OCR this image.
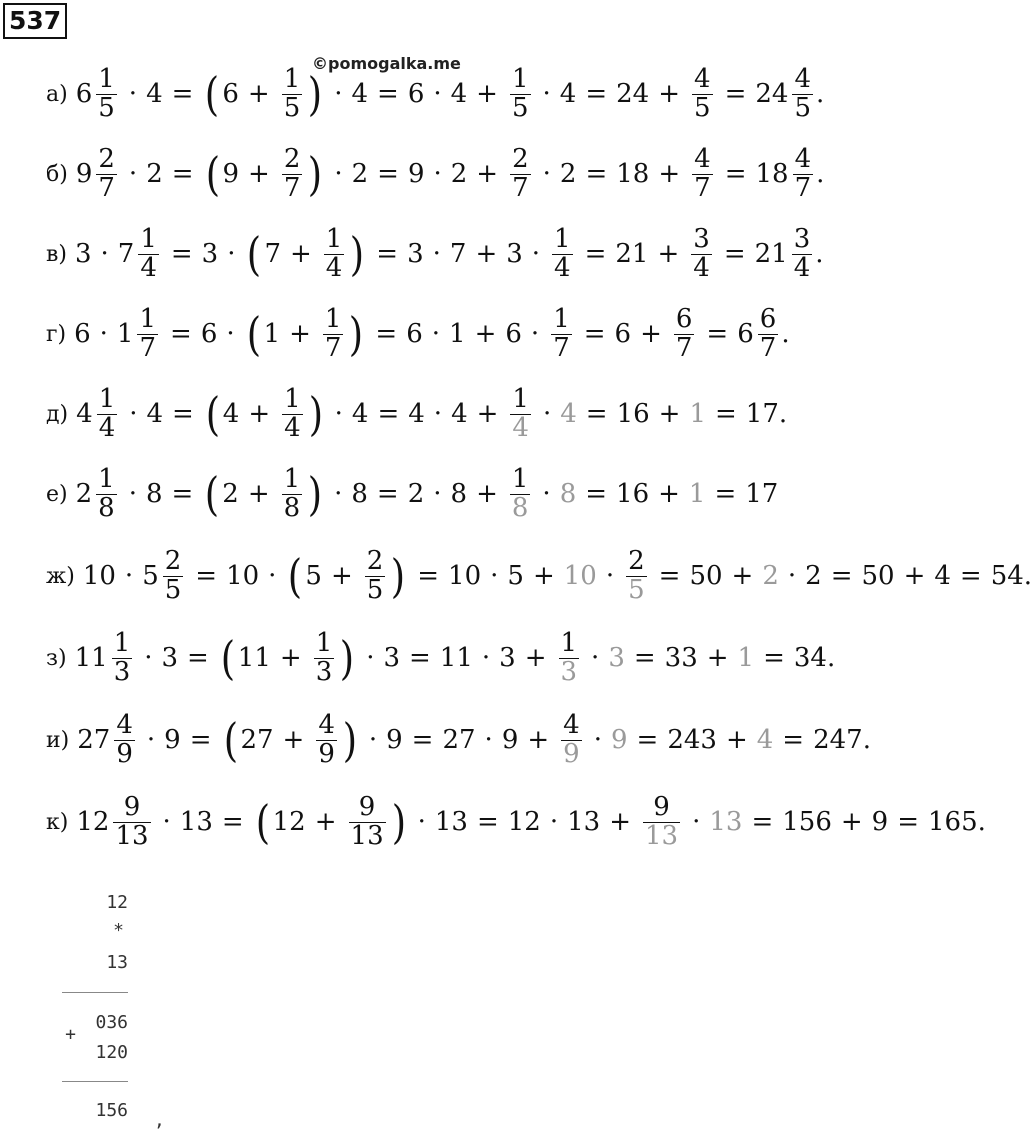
537
©pomogalka.me
а) $6 \frac{1}{5} \cdot 4$ = ( $6 + \frac{1}{5}$ ) · $4 = 6 \cdot 4 + \frac{1}{5} \cdot 4 = 24 + \frac{4}{5} = 24 \frac{4}{5}$ .
б) $9 \frac{2}{7} \cdot 2$ = ( $9 + \frac{2}{7}$ ) · $2 = 9 \cdot 2 + \frac{2}{7} \cdot 2 = 18 + \frac{4}{7} = 18 \frac{4}{7}$ .
в) $3 \cdot 7 \frac{1}{4} = 3$ · ( $7 + \frac{1}{4}$ ) = $3 \cdot 7 + 3 \cdot \frac{1}{4} = 21 + \frac{3}{4} = 21 \frac{3}{4}$ .
г) $6 \cdot 1 \frac{1}{7} = 6$ · ( $1 + \frac{1}{7}$ ) = $6 \cdot 1 + 6 \cdot \frac{1}{7} = 6 + \frac{6}{7} = 6 \frac{6}{7}$ .
д) $4 \frac{1}{4} \cdot 4$ = ( $4 + \frac{1}{4}$ ) · $4 = 4 \cdot 4 + \frac{1}{4} \cdot 4 = 16 + 1 = 17$.
е) $2 \frac{1}{8} \cdot 8$ = ( $2 + \frac{1}{8}$ ) · $8 = 2 \cdot 8 + \frac{1}{8} \cdot 8 = 16 + 1 = 17$
ж) $10 \cdot 5 \frac{2}{5} = 10$ · ( $5 + \frac{2}{5}$ ) = $10 \cdot 5 + 10 \cdot \frac{2}{5} = 50 + 2 \cdot 2 = 50 + 4 = 54$.
з) $11 \frac{1}{3} \cdot 3$ = ( $11 + \frac{1}{3}$ ) · $3 = 11 \cdot 3 + \frac{1}{3} \cdot 3 = 33 + 1 = 34$.
и) $27 \frac{4}{9} \cdot 9$ = ( $27 + \frac{4}{9}$ ) · $9 = 27 \cdot 9 + \frac{4}{9} \cdot 9 = 243 + 4 = 247$.
к) $12 \frac{9}{13} \cdot 13$ = ( $12 + \frac{9}{13}$ ) · $13 = 12 \cdot 13 + \frac{9}{13} \cdot 13 = 156 + 9 = 165$.
12
*
13
+
036
120
156 ,
